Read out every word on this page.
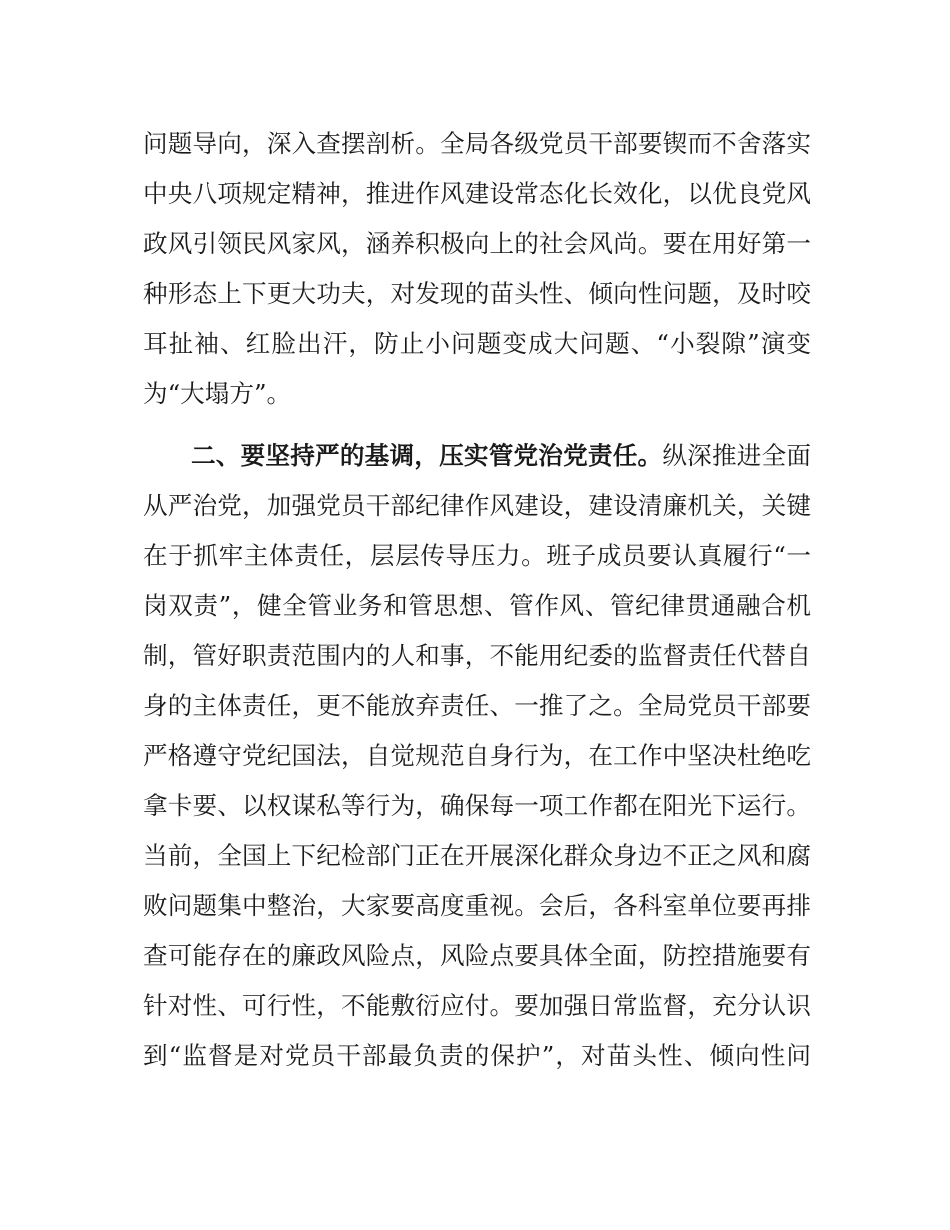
问题导向，深入查摆剖析。全局各级党员干部要锲而不舍落实
中央八项规定精神，推进作风建设常态化长效化，以优良党风
政风引领民风家风，涵养积极向上的社会风尚。要在用好第一
种形态上下更大功夫，对发现的苗头性、倾向性问题，及时咬
耳扯袖、红脸出汗，防止小问题变成大问题、“小裂隙”演变
为“大塌方”。
二、要坚持严的基调，压实管党治党责任。纵深推进全面
从严治党，加强党员干部纪律作风建设，建设清廉机关，关键
在于抓牢主体责任，层层传导压力。班子成员要认真履行“一
岗双责”，健全管业务和管思想、管作风、管纪律贯通融合机
制，管好职责范围内的人和事，不能用纪委的监督责任代替自
身的主体责任，更不能放弃责任、一推了之。全局党员干部要
严格遵守党纪国法，自觉规范自身行为，在工作中坚决杜绝吃
拿卡要、以权谋私等行为，确保每一项工作都在阳光下运行。
当前，全国上下纪检部门正在开展深化群众身边不正之风和腐
败问题集中整治，大家要高度重视。会后，各科室单位要再排
查可能存在的廉政风险点，风险点要具体全面，防控措施要有
针对性、可行性，不能敷衍应付。要加强日常监督，充分认识
到“监督是对党员干部最负责的保护”，对苗头性、倾向性问
